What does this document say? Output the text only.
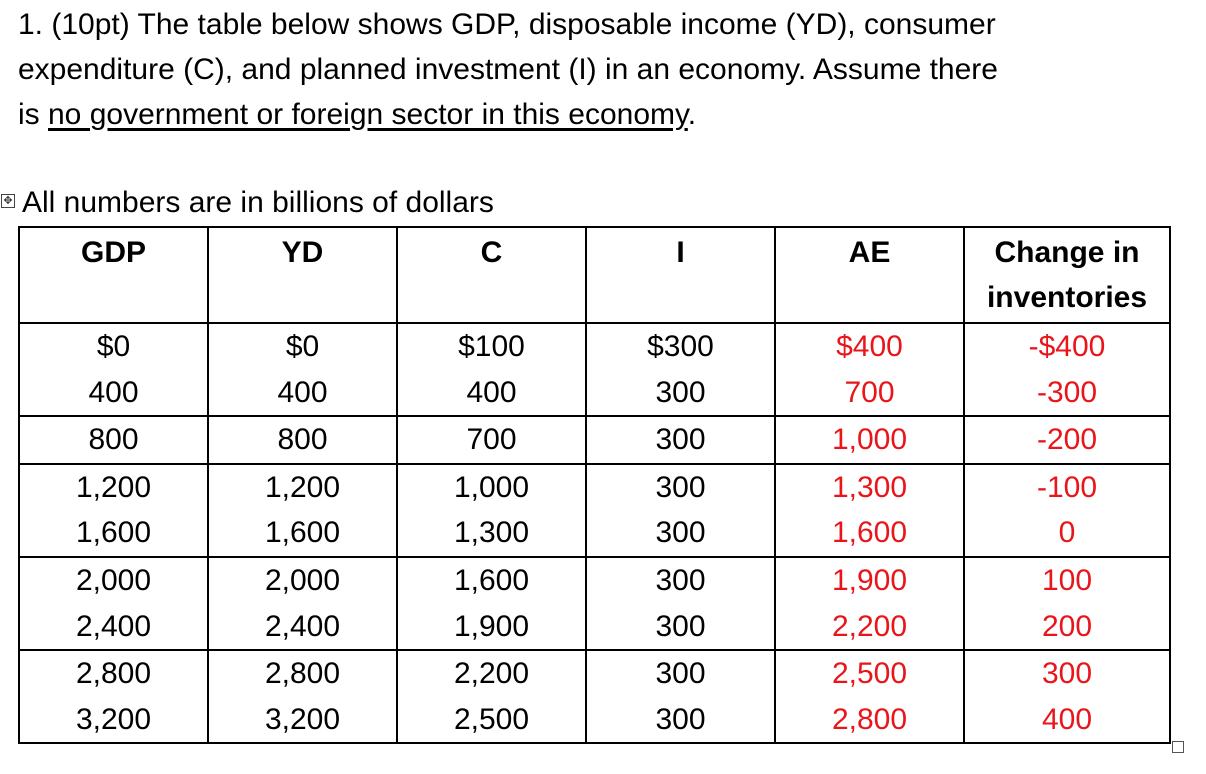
1. (10pt) The table below shows GDP, disposable income (YD), consumer
expenditure (C), and planned investment (I) in an economy. Assume there
is no government or foreign sector in this economy.
✥ All numbers are in billions of dollars
GDP	YD	C	I	AE	Change in
inventories

$0	$0	$100	$300	$400	-$400
400	400	400	300	700	-300
800	800	700	300	1,000	-200
1,200	1,200	1,000	300	1,300	-100
1,600	1,600	1,300	300	1,600	0
2,000	2,000	1,600	300	1,900	100
2,400	2,400	1,900	300	2,200	200
2,800	2,800	2,200	300	2,500	300
3,200	3,200	2,500	300	2,800	400
